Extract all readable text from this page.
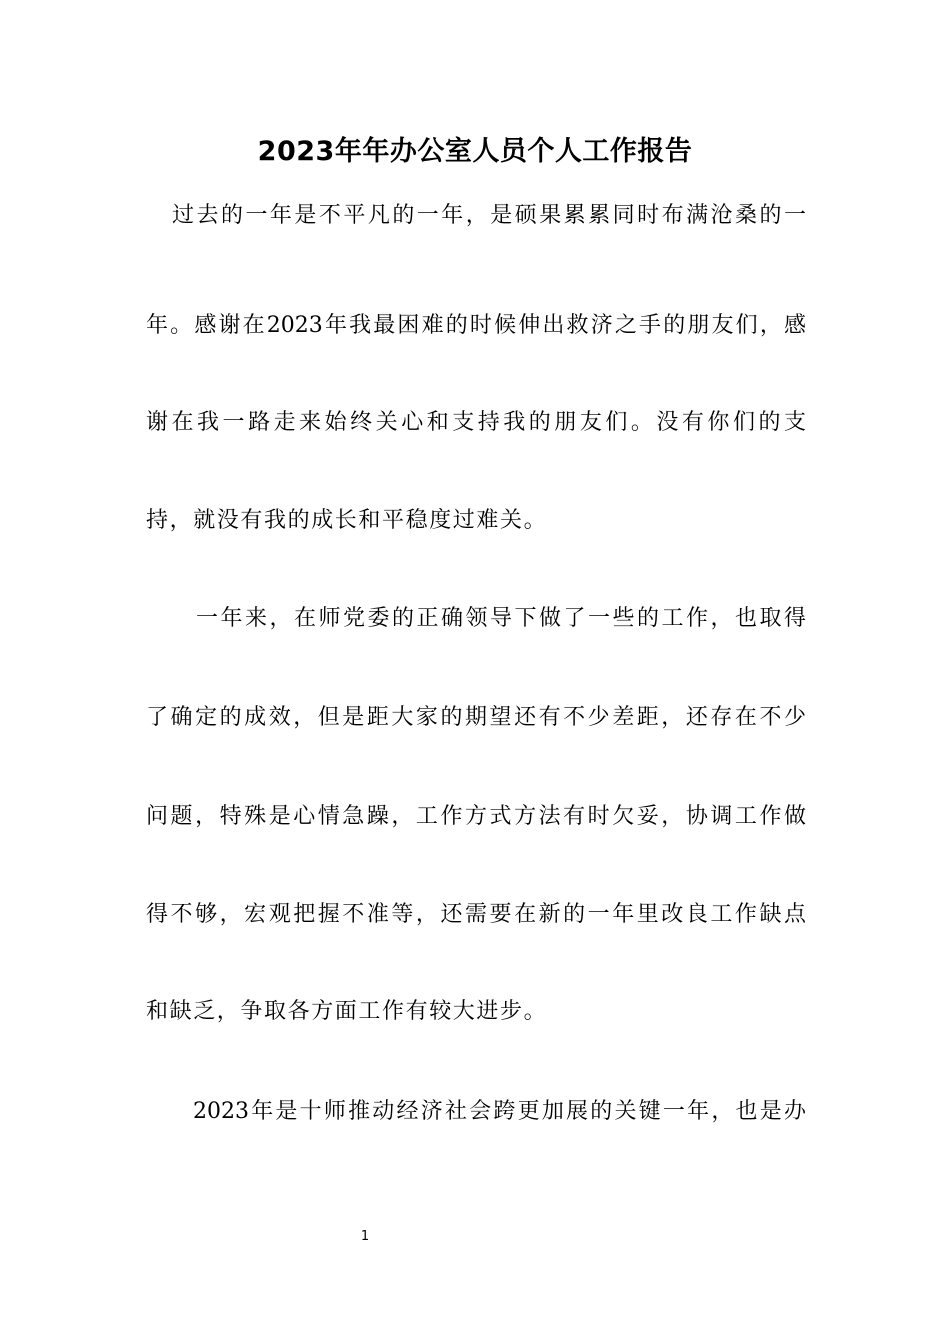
2023年年办公室人员个人工作报告
过去的一年是不平凡的一年，是硕果累累同时布满沧桑的一
年。感谢在2023年我最困难的时候伸出救济之手的朋友们，感
谢在我一路走来始终关心和支持我的朋友们。没有你们的支
持，就没有我的成长和平稳度过难关。
一年来，在师党委的正确领导下做了一些的工作，也取得
了确定的成效，但是距大家的期望还有不少差距，还存在不少
问题，特殊是心情急躁，工作方式方法有时欠妥，协调工作做
得不够，宏观把握不准等，还需要在新的一年里改良工作缺点
和缺乏，争取各方面工作有较大进步。
2023年是十师推动经济社会跨更加展的关键一年，也是办
1
